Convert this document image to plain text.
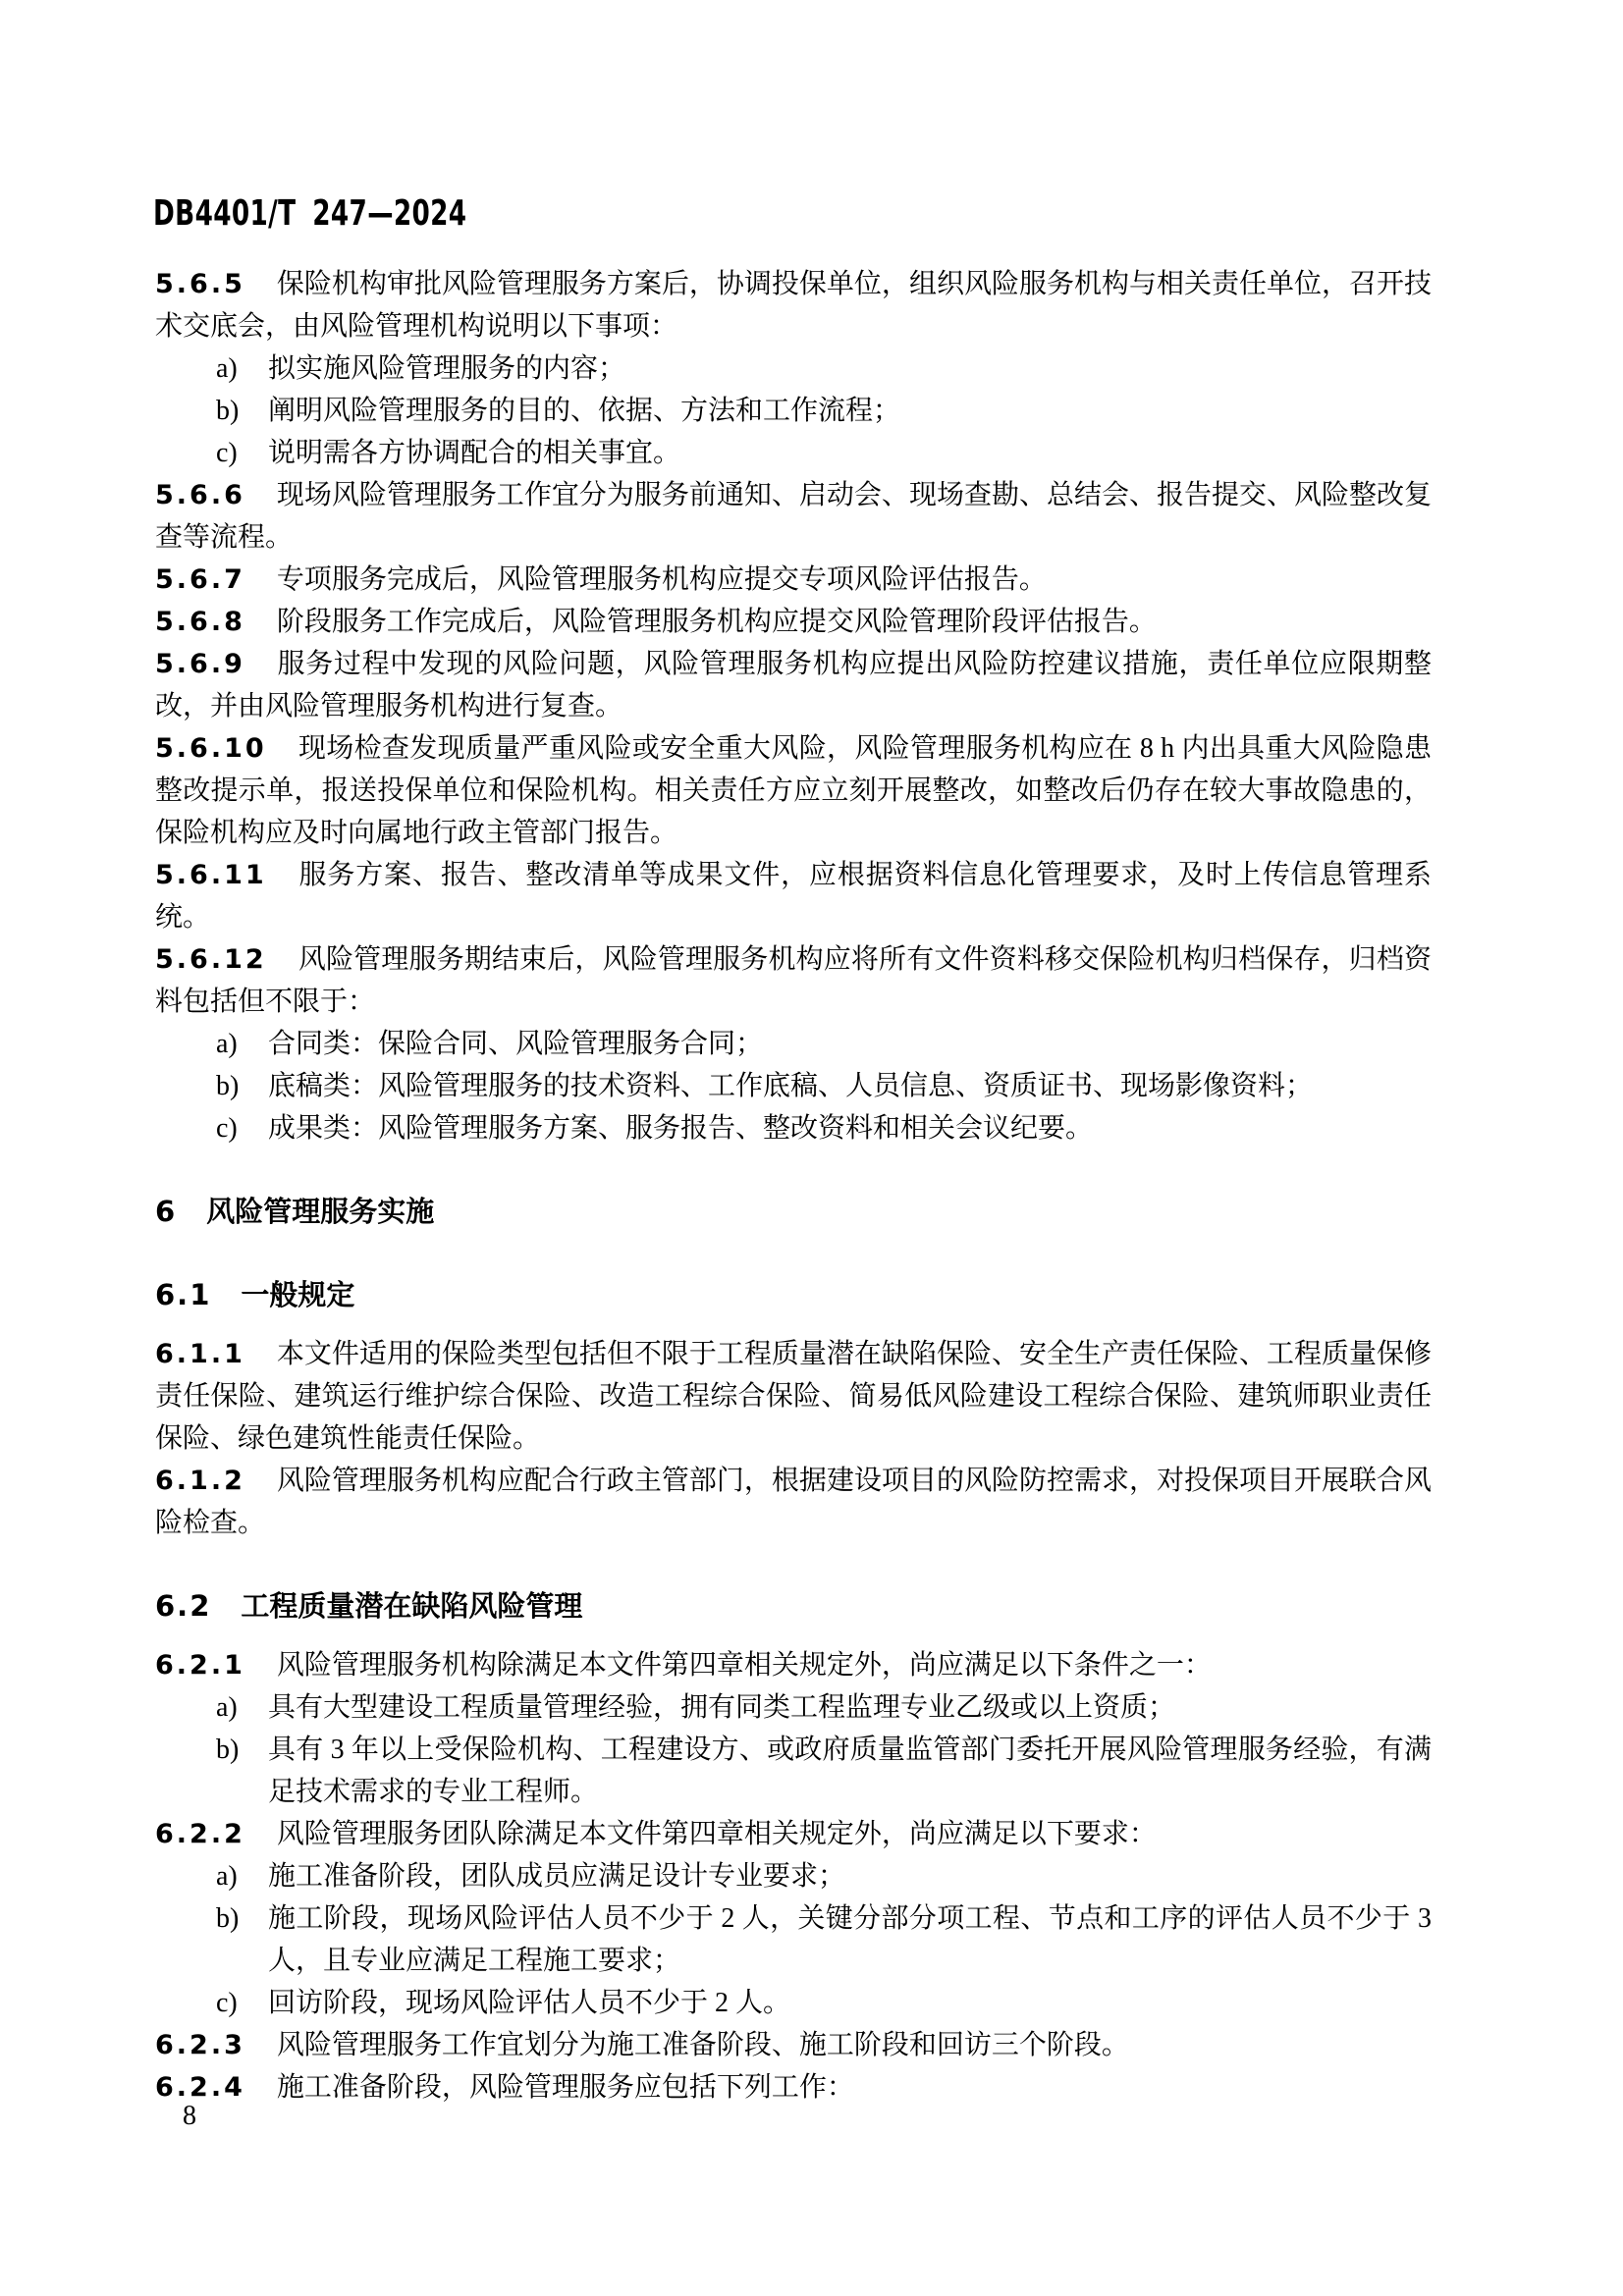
DB4401/T 247—2024

5.6.5 保险机构审批风险管理服务方案后，协调投保单位，组织风险服务机构与相关责任单位，召开技术交底会，由风险管理机构说明以下事项：

a) 拟实施风险管理服务的内容；

b) 阐明风险管理服务的目的、依据、方法和工作流程；

c) 说明需各方协调配合的相关事宜。

5.6.6 现场风险管理服务工作宜分为服务前通知、启动会、现场查勘、总结会、报告提交、风险整改复查等流程。

5.6.7 专项服务完成后，风险管理服务机构应提交专项风险评估报告。

5.6.8 阶段服务工作完成后，风险管理服务机构应提交风险管理阶段评估报告。

5.6.9 服务过程中发现的风险问题，风险管理服务机构应提出风险防控建议措施，责任单位应限期整改，并由风险管理服务机构进行复查。

5.6.10 现场检查发现质量严重风险或安全重大风险，风险管理服务机构应在 8 h 内出具重大风险隐患整改提示单，报送投保单位和保险机构。相关责任方应立刻开展整改，如整改后仍存在较大事故隐患的，保险机构应及时向属地行政主管部门报告。

5.6.11 服务方案、报告、整改清单等成果文件，应根据资料信息化管理要求，及时上传信息管理系统。

5.6.12 风险管理服务期结束后，风险管理服务机构应将所有文件资料移交保险机构归档保存，归档资料包括但不限于：

a) 合同类：保险合同、风险管理服务合同；

b) 底稿类：风险管理服务的技术资料、工作底稿、人员信息、资质证书、现场影像资料；

c) 成果类：风险管理服务方案、服务报告、整改资料和相关会议纪要。

6 风险管理服务实施
6.1 一般规定

6.1.1 本文件适用的保险类型包括但不限于工程质量潜在缺陷保险、安全生产责任保险、工程质量保修责任保险、建筑运行维护综合保险、改造工程综合保险、简易低风险建设工程综合保险、建筑师职业责任保险、绿色建筑性能责任保险。

6.1.2 风险管理服务机构应配合行政主管部门，根据建设项目的风险防控需求，对投保项目开展联合风险检查。

6.2 工程质量潜在缺陷风险管理

6.2.1 风险管理服务机构除满足本文件第四章相关规定外，尚应满足以下条件之一：

a) 具有大型建设工程质量管理经验，拥有同类工程监理专业乙级或以上资质；

b) 具有 3 年以上受保险机构、工程建设方、或政府质量监管部门委托开展风险管理服务经验，有满足技术需求的专业工程师。

6.2.2 风险管理服务团队除满足本文件第四章相关规定外，尚应满足以下要求：

a) 施工准备阶段，团队成员应满足设计专业要求；

b) 施工阶段，现场风险评估人员不少于 2 人，关键分部分项工程、节点和工序的评估人员不少于 3 人，且专业应满足工程施工要求；

c) 回访阶段，现场风险评估人员不少于 2 人。

6.2.3 风险管理服务工作宜划分为施工准备阶段、施工阶段和回访三个阶段。

6.2.4 施工准备阶段，风险管理服务应包括下列工作：

8
